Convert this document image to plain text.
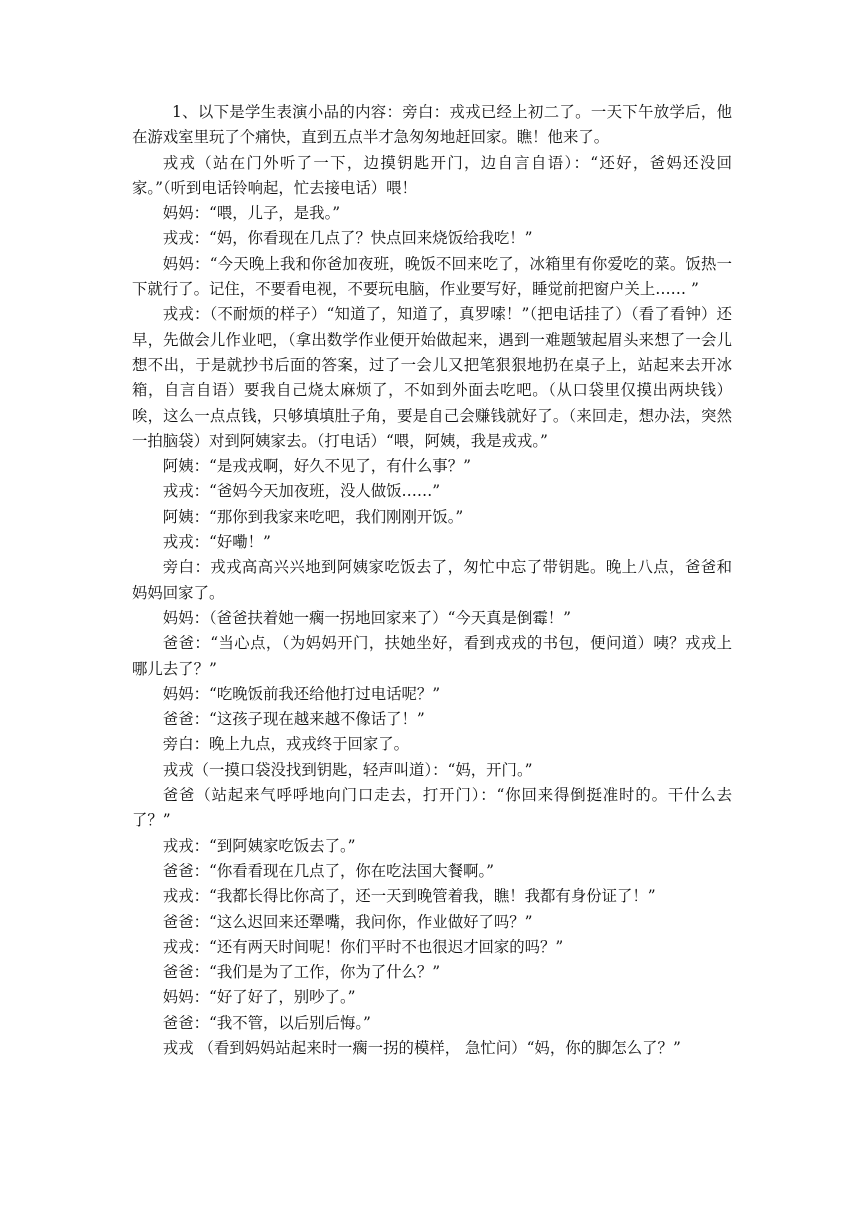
1、以下是学生表演小品的内容：旁白：戎戎已经上初二了。一天下午放学后，他在游戏室里玩了个痛快，直到五点半才急匆匆地赶回家。瞧！他来了。

戎戎（站在门外听了一下，边摸钥匙开门，边自言自语）：“还好，爸妈还没回家。”（听到电话铃响起，忙去接电话）喂！

妈妈：“喂，儿子，是我。”

戎戎：“妈，你看现在几点了？快点回来烧饭给我吃！”

妈妈：“今天晚上我和你爸加夜班，晚饭不回来吃了，冰箱里有你爱吃的菜。饭热一下就行了。记住，不要看电视，不要玩电脑，作业要写好，睡觉前把窗户关上…… ”

戎戎：（不耐烦的样子）“知道了，知道了，真罗嗦！”（把电话挂了）（看了看钟）还早，先做会儿作业吧，（拿出数学作业便开始做起来，遇到一难题皱起眉头来想了一会儿想不出，于是就抄书后面的答案，过了一会儿又把笔狠狠地扔在桌子上，站起来去开冰箱，自言自语）要我自己烧太麻烦了，不如到外面去吃吧。（从口袋里仅摸出两块钱）唉，这么一点点钱，只够填填肚子角，要是自己会赚钱就好了。（来回走，想办法，突然一拍脑袋）对到阿姨家去。（打电话）“喂，阿姨，我是戎戎。”

阿姨：“是戎戎啊，好久不见了，有什么事？”

戎戎：“爸妈今天加夜班，没人做饭……”

阿姨：“那你到我家来吃吧，我们刚刚开饭。”

戎戎：“好嘞！”

旁白：戎戎高高兴兴地到阿姨家吃饭去了，匆忙中忘了带钥匙。晚上八点，爸爸和妈妈回家了。

妈妈：（爸爸扶着她一瘸一拐地回家来了）“今天真是倒霉！”

爸爸：“当心点，（为妈妈开门，扶她坐好，看到戎戎的书包，便问道）咦？戎戎上哪儿去了？”

妈妈：“吃晚饭前我还给他打过电话呢？”

爸爸：“这孩子现在越来越不像话了！”

旁白：晚上九点，戎戎终于回家了。

戎戎（一摸口袋没找到钥匙，轻声叫道）：“妈，开门。”

爸爸（站起来气呼呼地向门口走去，打开门）：“你回来得倒挺准时的。干什么去了？”

戎戎：“到阿姨家吃饭去了。”

爸爸：“你看看现在几点了，你在吃法国大餐啊。”

戎戎：“我都长得比你高了，还一天到晚管着我，瞧！我都有身份证了！”

爸爸：“这么迟回来还犟嘴，我问你，作业做好了吗？”

戎戎：“还有两天时间呢！你们平时不也很迟才回家的吗？”

爸爸：“我们是为了工作，你为了什么？”

妈妈：“好了好了，别吵了。”

爸爸：“我不管，以后别后悔。”

戎戎 （看到妈妈站起来时一瘸一拐的模样， 急忙问）“妈，你的脚怎么了？”
